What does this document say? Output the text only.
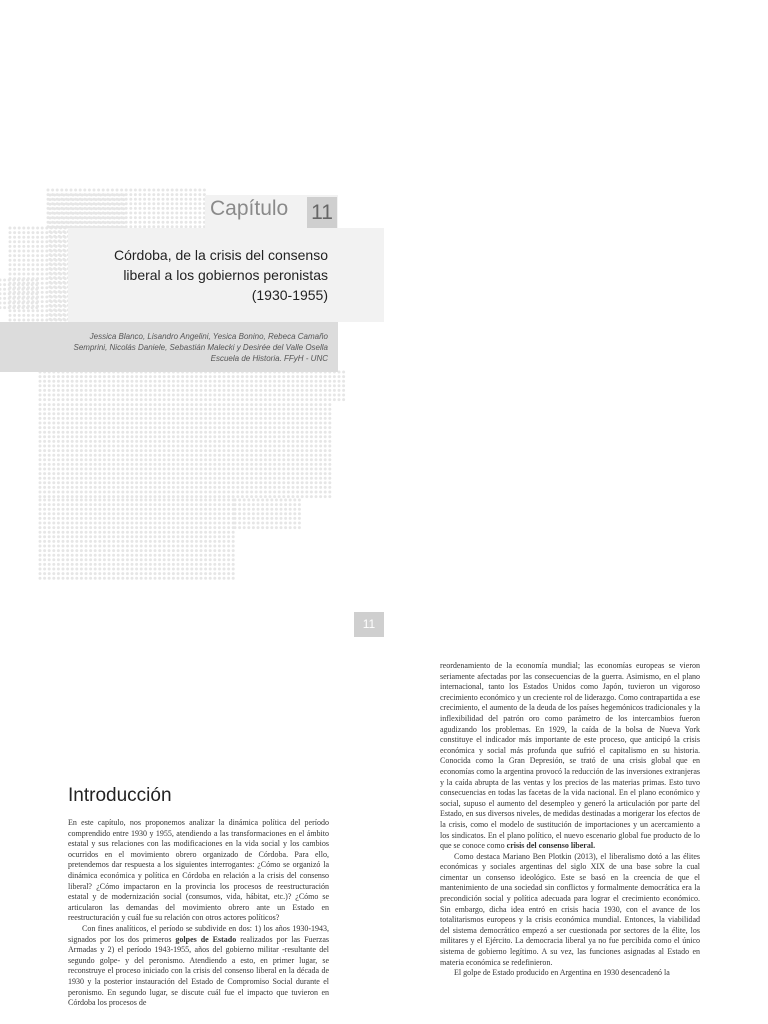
Capítulo 11
Córdoba, de la crisis del consenso liberal a los gobiernos peronistas (1930-1955)
Jessica Blanco, Lisandro Angelini, Yesica Bonino, Rebeca Camaño
Semprini, Nicolás Daniele, Sebastián Malecki y Desirée del Valle Osella
Escuela de Historia. FFyH - UNC
11
Introducción

En este capítulo, nos proponemos analizar la dinámica política del período comprendido entre 1930 y 1955, atendiendo a las transformaciones en el ámbito estatal y sus relaciones con las modificaciones en la vida social y los cambios ocurridos en el movimiento obrero organizado de Córdoba. Para ello, pretendemos dar respuesta a los siguientes interrogantes: ¿Cómo se organizó la dinámica económica y política en Córdoba en relación a la crisis del consenso liberal? ¿Cómo impactaron en la provincia los procesos de reestructuración estatal y de modernización social (consumos, vida, hábitat, etc.)? ¿Cómo se articularon las demandas del movimiento obrero ante un Estado en reestructuración y cuál fue su relación con otros actores políticos?

Con fines analíticos, el período se subdivide en dos: 1) los años 1930-1943, signados por los dos primeros golpes de Estado realizados por las Fuerzas Armadas y 2) el período 1943-1955, años del gobierno militar -resultante del segundo golpe- y del peronismo. Atendiendo a esto, en primer lugar, se reconstruye el proceso iniciado con la crisis del consenso liberal en la década de 1930 y la posterior instauración del Estado de Compromiso Social durante el peronismo. En segundo lugar, se discute cuál fue el impacto que tuvieron en Córdoba los procesos de

reordenamiento de la economía mundial; las economías europeas se vieron seriamente afectadas por las consecuencias de la guerra. Asimismo, en el plano internacional, tanto los Estados Unidos como Japón, tuvieron un vigoroso crecimiento económico y un creciente rol de liderazgo. Como contrapartida a ese crecimiento, el aumento de la deuda de los países hegemónicos tradicionales y la inflexibilidad del patrón oro como parámetro de los intercambios fueron agudizando los problemas. En 1929, la caída de la bolsa de Nueva York constituye el indicador más importante de este proceso, que anticipó la crisis económica y social más profunda que sufrió el capitalismo en su historia. Conocida como la Gran Depresión, se trató de una crisis global que en economías como la argentina provocó la reducción de las inversiones extranjeras y la caída abrupta de las ventas y los precios de las materias primas. Esto tuvo consecuencias en todas las facetas de la vida nacional. En el plano económico y social, supuso el aumento del desempleo y generó la articulación por parte del Estado, en sus diversos niveles, de medidas destinadas a morigerar los efectos de la crisis, como el modelo de sustitución de importaciones y un acercamiento a los sindicatos. En el plano político, el nuevo escenario global fue producto de lo que se conoce como crisis del consenso liberal.

Como destaca Mariano Ben Plotkin (2013), el liberalismo dotó a las élites económicas y sociales argentinas del siglo XIX de una base sobre la cual cimentar un consenso ideológico. Este se basó en la creencia de que el mantenimiento de una sociedad sin conflictos y formalmente democrática era la precondición social y política adecuada para lograr el crecimiento económico. Sin embargo, dicha idea entró en crisis hacia 1930, con el avance de los totalitarismos europeos y la crisis económica mundial. Entonces, la viabilidad del sistema democrático empezó a ser cuestionada por sectores de la élite, los militares y el Ejército. La democracia liberal ya no fue percibida como el único sistema de gobierno legítimo. A su vez, las funciones asignadas al Estado en materia económica se redefinieron.

El golpe de Estado producido en Argentina en 1930 desencadenó la
